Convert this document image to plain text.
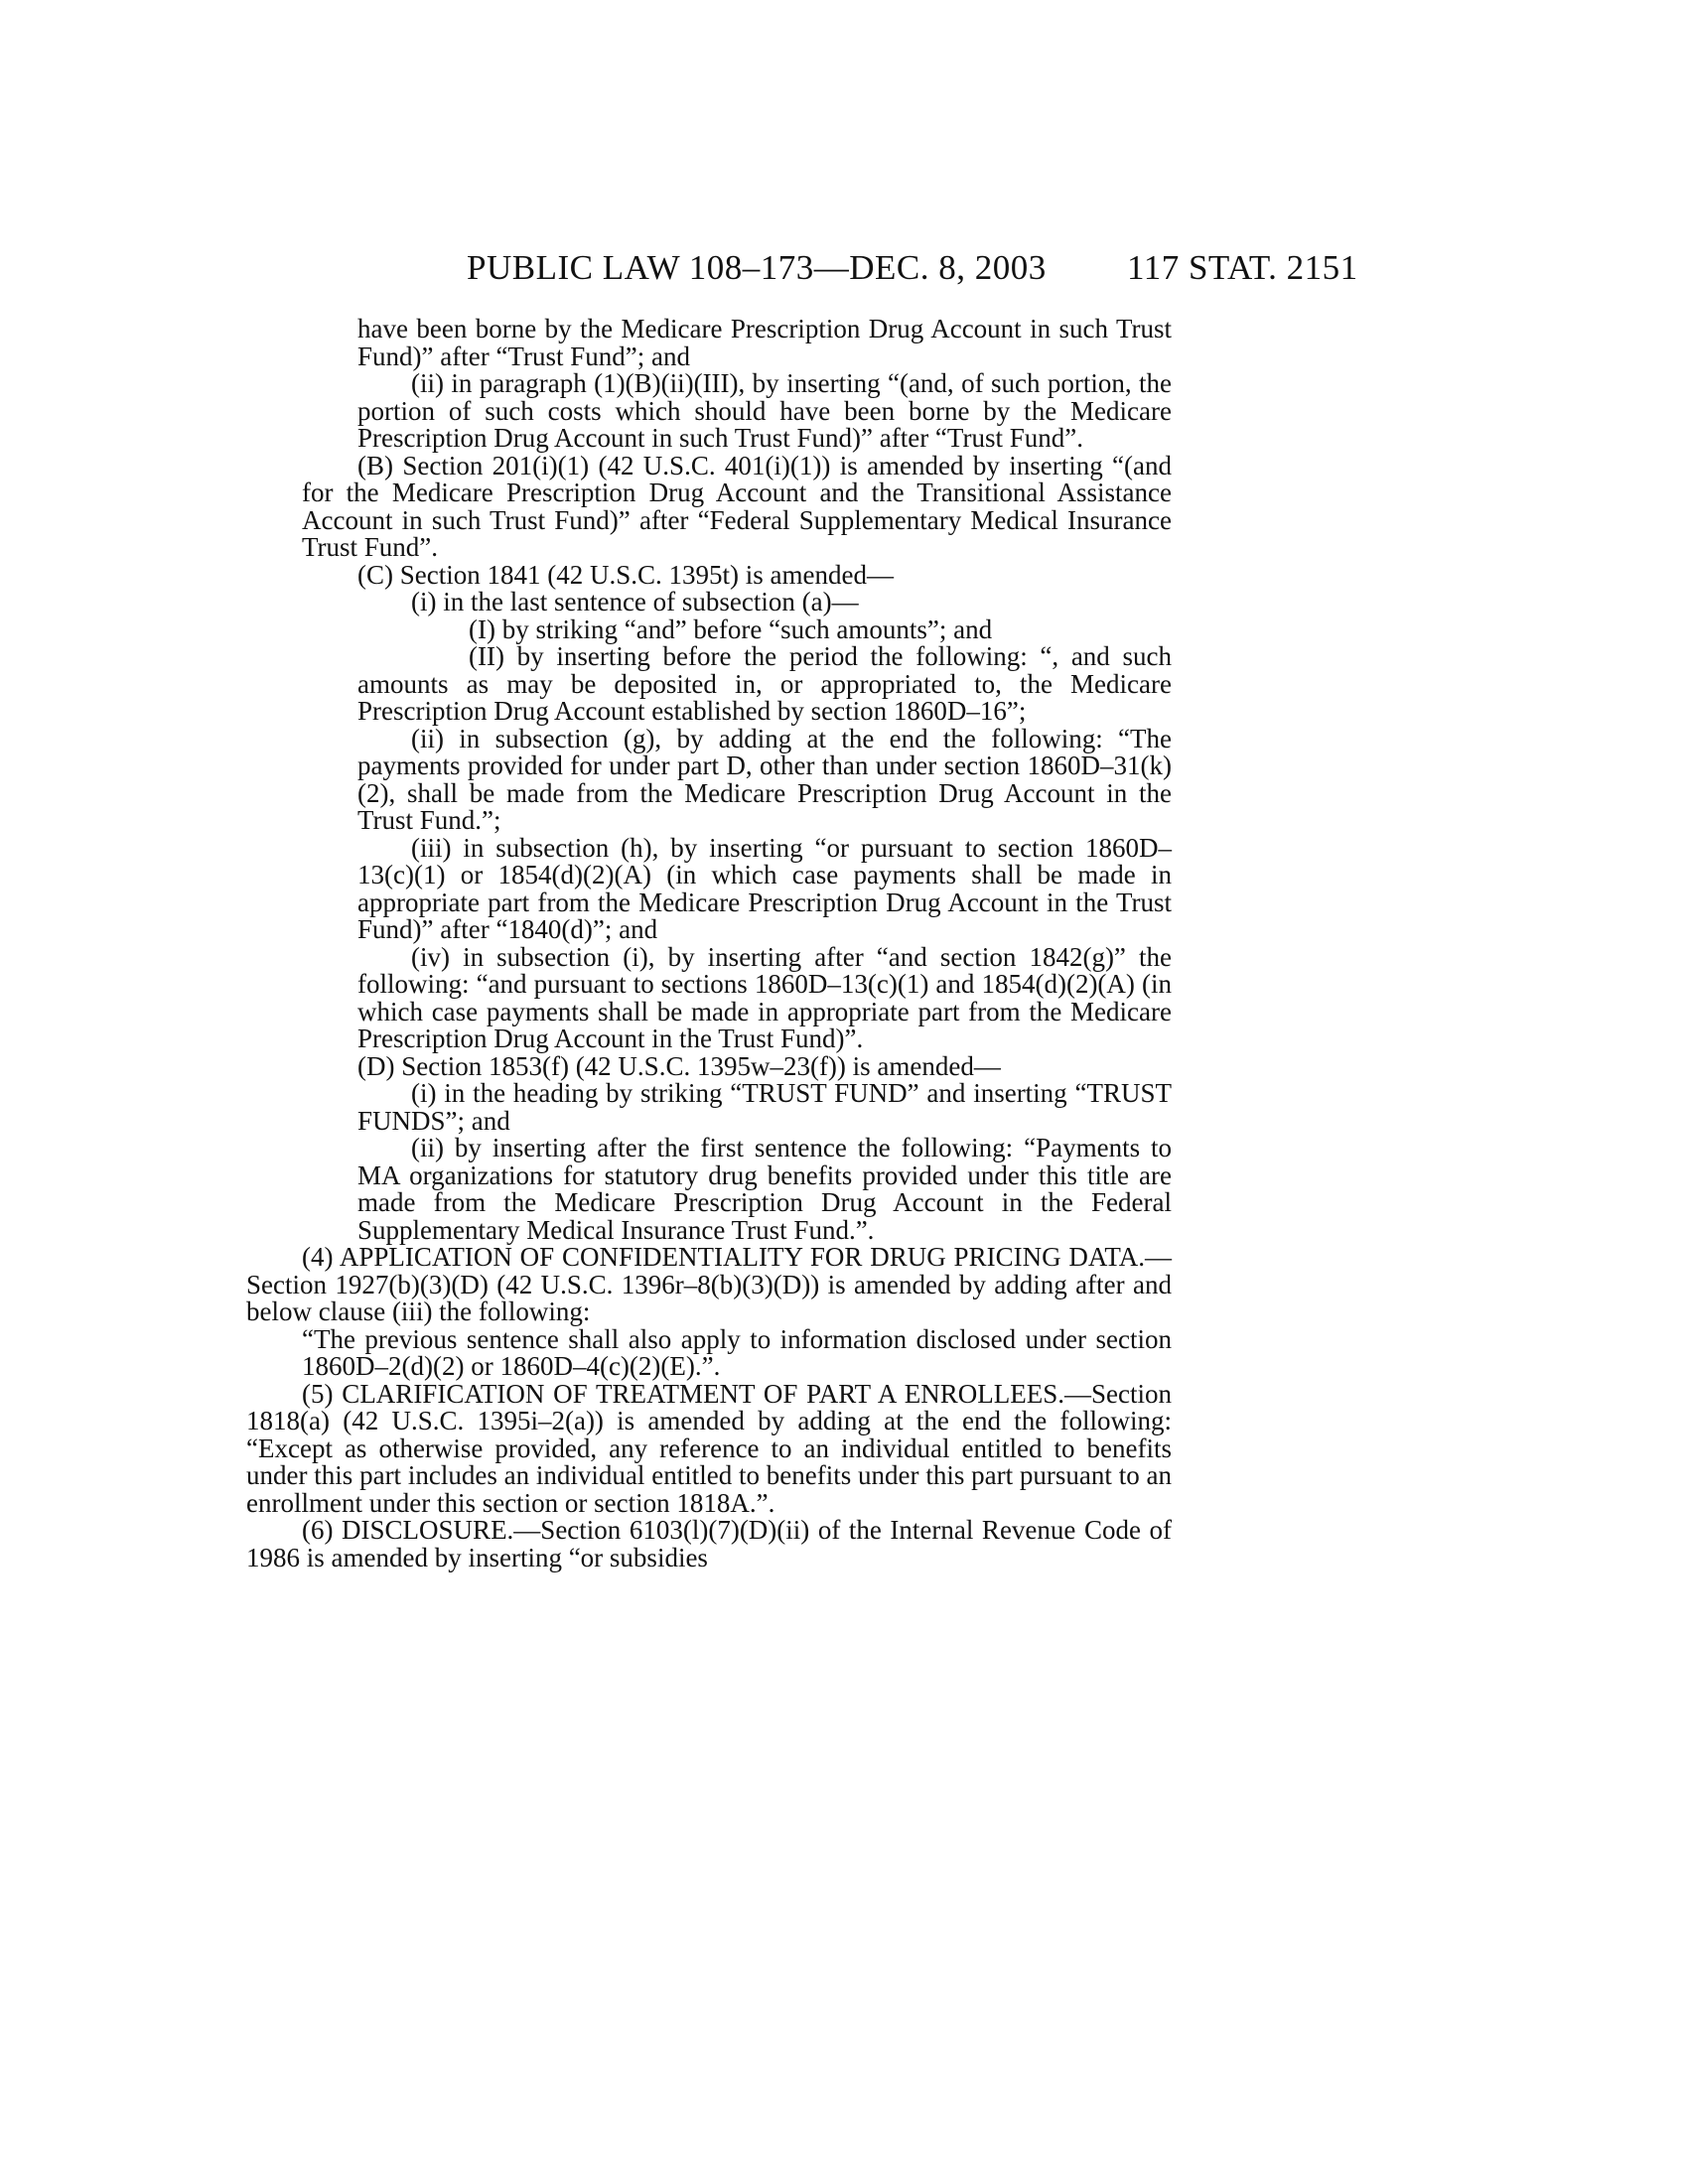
PUBLIC LAW 108–173—DEC. 8, 2003 117 STAT. 2151

have been borne by the Medicare Prescription Drug Account in such Trust Fund)” after “Trust Fund”; and

(ii) in paragraph (1)(B)(ii)(III), by inserting “(and, of such portion, the portion of such costs which should have been borne by the Medicare Prescription Drug Account in such Trust Fund)” after “Trust Fund”.

(B) Section 201(i)(1) (42 U.S.C. 401(i)(1)) is amended by inserting “(and for the Medicare Prescription Drug Account and the Transitional Assistance Account in such Trust Fund)” after “Federal Supplementary Medical Insurance Trust Fund”.

(C) Section 1841 (42 U.S.C. 1395t) is amended—

(i) in the last sentence of subsection (a)—

(I) by striking “and” before “such amounts”; and

(II) by inserting before the period the following: “, and such amounts as may be deposited in, or appropriated to, the Medicare Prescription Drug Account established by section 1860D–16”;

(ii) in subsection (g), by adding at the end the following: “The payments provided for under part D, other than under section 1860D–31(k)(2), shall be made from the Medicare Prescription Drug Account in the Trust Fund.”;

(iii) in subsection (h), by inserting “or pursuant to section 1860D–13(c)(1) or 1854(d)(2)(A) (in which case payments shall be made in appropriate part from the Medicare Prescription Drug Account in the Trust Fund)” after “1840(d)”; and

(iv) in subsection (i), by inserting after “and section 1842(g)” the following: “and pursuant to sections 1860D–13(c)(1) and 1854(d)(2)(A) (in which case payments shall be made in appropriate part from the Medicare Prescription Drug Account in the Trust Fund)”.

(D) Section 1853(f) (42 U.S.C. 1395w–23(f)) is amended—

(i) in the heading by striking “TRUST FUND” and inserting “TRUST FUNDS”; and

(ii) by inserting after the first sentence the following: “Payments to MA organizations for statutory drug benefits provided under this title are made from the Medicare Prescription Drug Account in the Federal Supplementary Medical Insurance Trust Fund.”.

(4) APPLICATION OF CONFIDENTIALITY FOR DRUG PRICING DATA.—Section 1927(b)(3)(D) (42 U.S.C. 1396r–8(b)(3)(D)) is amended by adding after and below clause (iii) the following:

“The previous sentence shall also apply to information disclosed under section 1860D–2(d)(2) or 1860D–4(c)(2)(E).”.

(5) CLARIFICATION OF TREATMENT OF PART A ENROLLEES.—Section 1818(a) (42 U.S.C. 1395i–2(a)) is amended by adding at the end the following: “Except as otherwise provided, any reference to an individual entitled to benefits under this part includes an individual entitled to benefits under this part pursuant to an enrollment under this section or section 1818A.”.

(6) DISCLOSURE.—Section 6103(l)(7)(D)(ii) of the Internal Revenue Code of 1986 is amended by inserting “or subsidies
